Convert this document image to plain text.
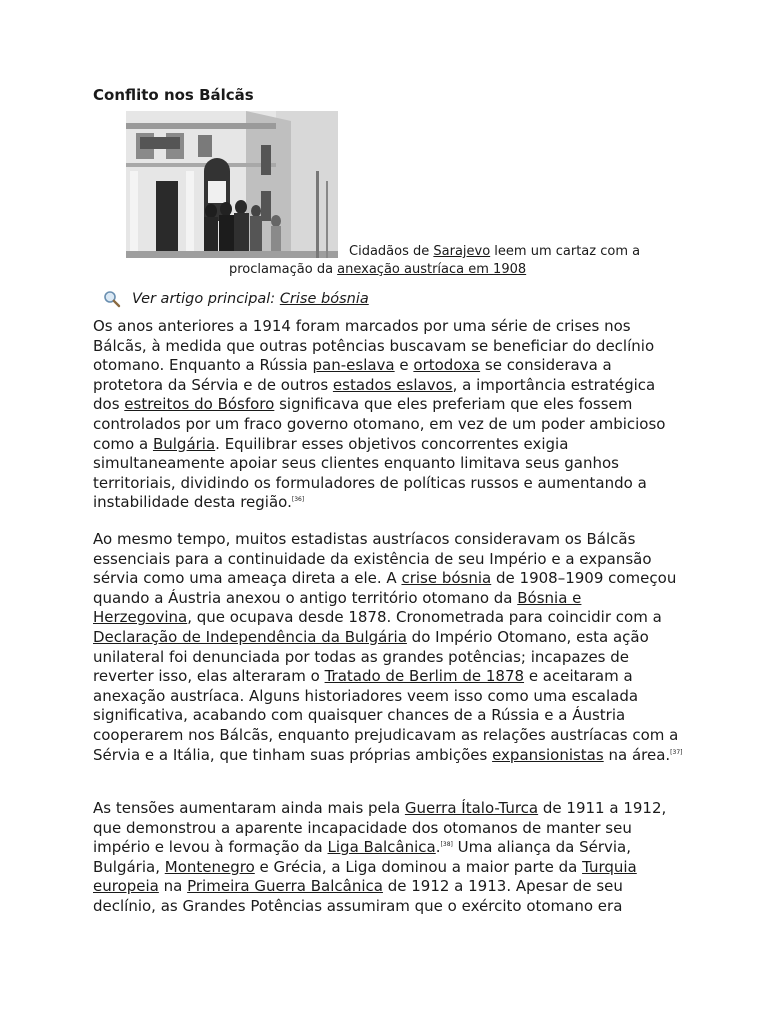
Conflito nos Bálcãs

Cidadãos de Sarajevo leem um cartaz com a proclamação da anexação austríaca em 1908

Ver artigo principal:
Crise bósnia

Os anos anteriores a 1914 foram marcados por uma série de crises nos Bálcãs, à medida que outras potências buscavam se beneficiar do declínio otomano. Enquanto a Rússia pan-eslava e ortodoxa se considerava a protetora da Sérvia e de outros estados eslavos, a importância estratégica dos estreitos do Bósforo significava que eles preferiam que eles fossem controlados por um fraco governo otomano, em vez de um poder ambicioso como a Bulgária. Equilibrar esses objetivos concorrentes exigia simultaneamente apoiar seus clientes enquanto limitava seus ganhos territoriais, dividindo os formuladores de políticas russos e aumentando a instabilidade desta região.[36]

Ao mesmo tempo, muitos estadistas austríacos consideravam os Bálcãs essenciais para a continuidade da existência de seu Império e a expansão sérvia como uma ameaça direta a ele. A crise bósnia de 1908–1909 começou quando a Áustria anexou o antigo território otomano da Bósnia e Herzegovina, que ocupava desde 1878. Cronometrada para coincidir com a Declaração de Independência da Bulgária do Império Otomano, esta ação unilateral foi denunciada por todas as grandes potências; incapazes de reverter isso, elas alteraram o Tratado de Berlim de 1878 e aceitaram a anexação austríaca. Alguns historiadores veem isso como uma escalada significativa, acabando com quaisquer chances de a Rússia e a Áustria cooperarem nos Bálcãs, enquanto prejudicavam as relações austríacas com a Sérvia e a Itália, que tinham suas próprias ambições expansionistas na área.[37]

As tensões aumentaram ainda mais pela Guerra Ítalo-Turca de 1911 a 1912, que demonstrou a aparente incapacidade dos otomanos de manter seu império e levou à formação da Liga Balcânica.[38] Uma aliança da Sérvia, Bulgária, Montenegro e Grécia, a Liga dominou a maior parte da Turquia europeia na Primeira Guerra Balcânica de 1912 a 1913. Apesar de seu declínio, as Grandes Potências assumiram que o exército otomano era
